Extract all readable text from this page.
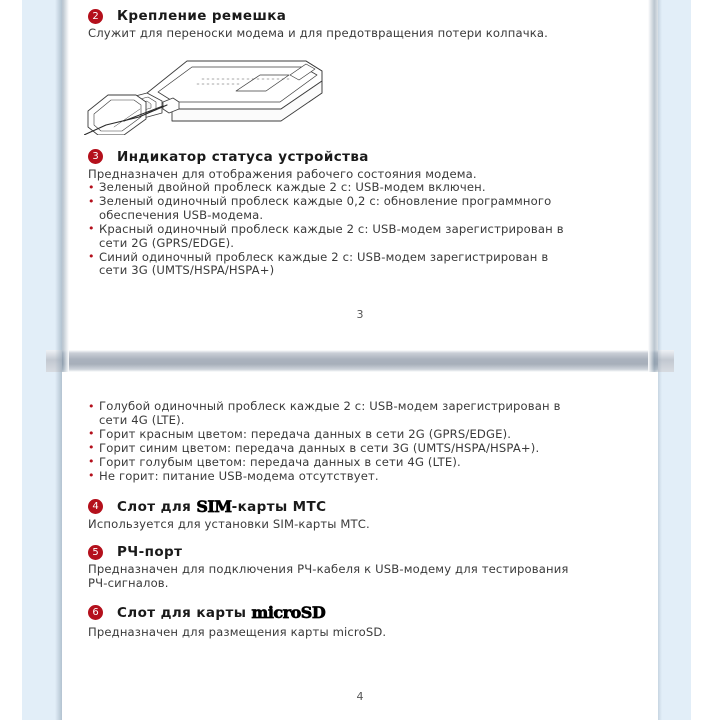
2	Крепление ремешка

Служит для переноски модема и для предотвращения потери колпачка.

3	Индикатор статуса устройства

Предназначен для отображения рабочего состояния модема.

• Зеленый двойной проблеск каждые 2 с: USB-модем включен.
• Зеленый одиночный проблеск каждые 0,2 с: обновление программного
обеспечения USB-модема.
• Красный одиночный проблеск каждые 2 с: USB-модем зарегистрирован в
сети 2G (GPRS/EDGE).
• Синий одиночный проблеск каждые 2 с: USB-модем зарегистрирован в
сети 3G (UMTS/HSPA/HSPA+)
3
• Голубой одиночный проблеск каждые 2 с: USB-модем зарегистрирован в
сети 4G (LTE).
• Горит красным цветом: передача данных в сети 2G (GPRS/EDGE).
• Горит синим цветом: передача данных в сети 3G (UMTS/HSPA/HSPA+).
• Горит голубым цветом: передача данных в сети 4G (LTE).
• Не горит: питание USB-модема отсутствует.
4	Слот для SIM-карты МТС

Используется для установки SIM-карты МТС.

5	РЧ-порт

Предназначен для подключения РЧ-кабеля к USB-модему для тестирования

РЧ-сигналов.

6	Слот для карты microSD

Предназначен для размещения карты microSD.

4
